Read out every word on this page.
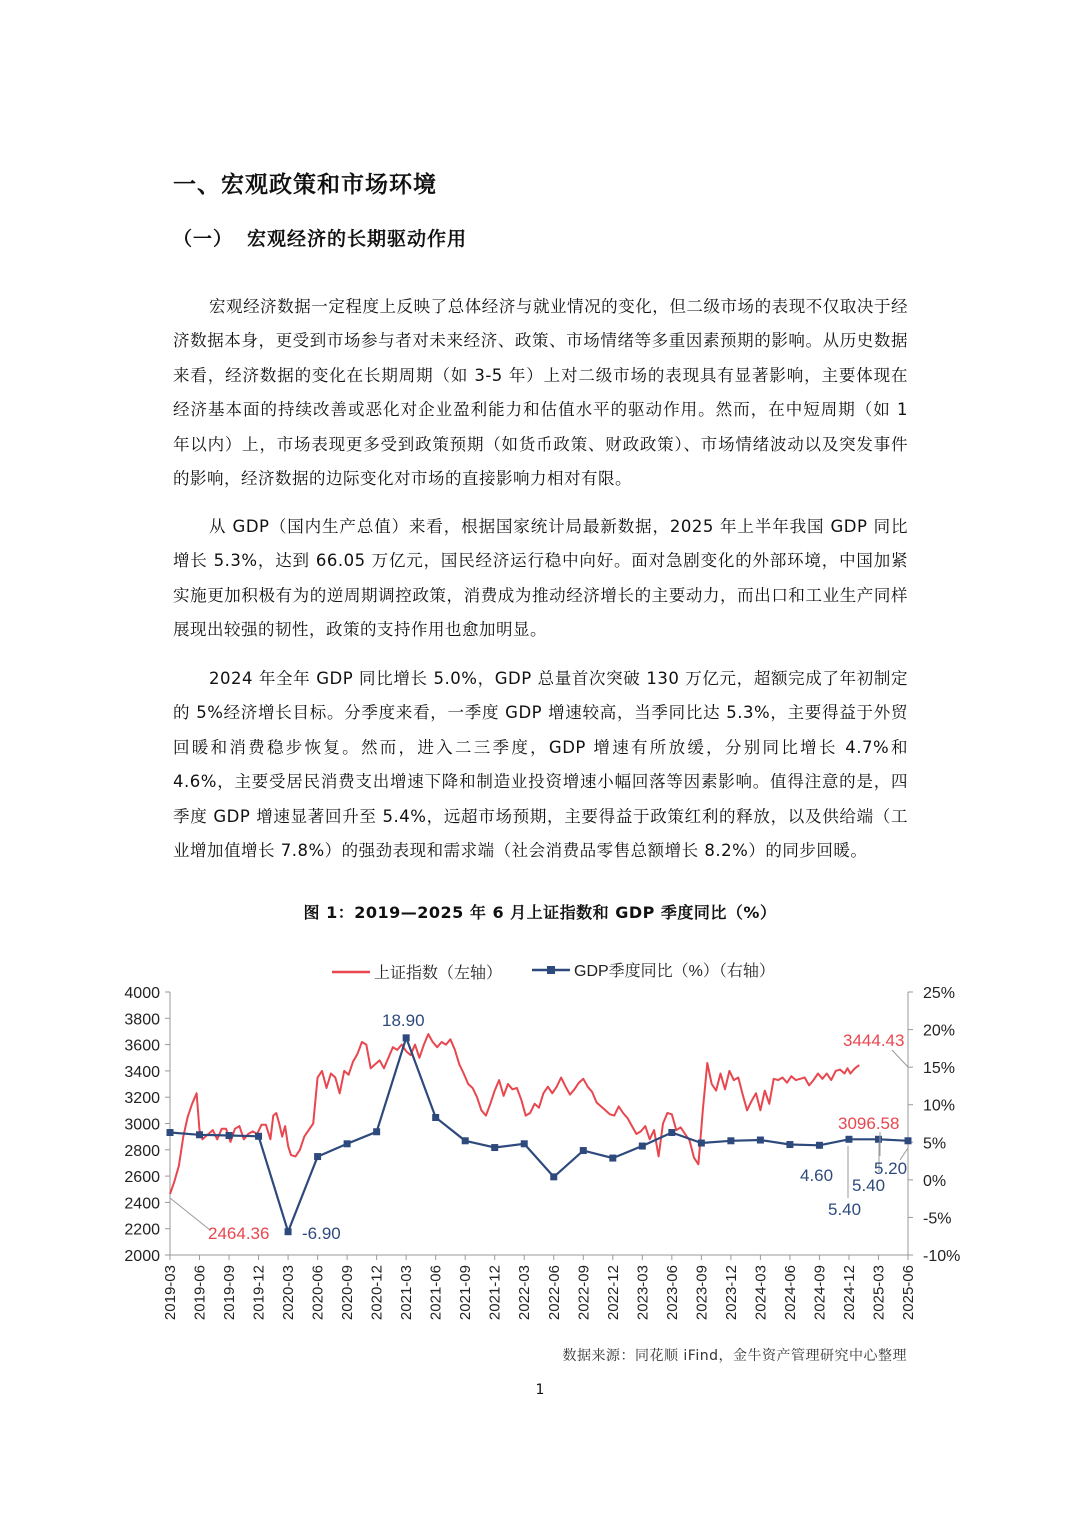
一、宏观政策和市场环境
（一） 宏观经济的长期驱动作用

宏观经济数据一定程度上反映了总体经济与就业情况的变化，但二级市场的表现不仅取决于经济数据本身，更受到市场参与者对未来经济、政策、市场情绪等多重因素预期的影响。从历史数据来看，经济数据的变化在长期周期（如 3-5 年）上对二级市场的表现具有显著影响，主要体现在经济基本面的持续改善或恶化对企业盈利能力和估值水平的驱动作用。然而，在中短周期（如 1 年以内）上，市场表现更多受到政策预期（如货币政策、财政政策）、市场情绪波动以及突发事件的影响，经济数据的边际变化对市场的直接影响力相对有限。

从 GDP（国内生产总值）来看，根据国家统计局最新数据，2025 年上半年我国 GDP 同比增长 5.3%，达到 66.05 万亿元，国民经济运行稳中向好。面对急剧变化的外部环境，中国加紧实施更加积极有为的逆周期调控政策，消费成为推动经济增长的主要动力，而出口和工业生产同样展现出较强的韧性，政策的支持作用也愈加明显。

2024 年全年 GDP 同比增长 5.0%，GDP 总量首次突破 130 万亿元，超额完成了年初制定的 5%经济增长目标。分季度来看，一季度 GDP 增速较高，当季同比达 5.3%，主要得益于外贸回暖和消费稳步恢复。然而，进入二三季度，GDP 增速有所放缓，分别同比增长 4.7%和 4.6%，主要受居民消费支出增速下降和制造业投资增速小幅回落等因素影响。值得注意的是，四季度 GDP 增速显著回升至 5.4%，远超市场预期，主要得益于政策红利的释放，以及供给端（工业增加值增长 7.8%）的强劲表现和需求端（社会消费品零售总额增长 8.2%）的同步回暖。

图 1：2019—2025 年 6 月上证指数和 GDP 季度同比（%）
上证指数（左轴）	GDP季度同比（%）（右轴）
2000
2200
2400
2600
2800
3000
3200
3400
3600
3800
4000
-10%
-5%
0%
5%
10%
15%
20%
25%
2019-03 2019-06 2019-09 2019-12 2020-03 2020-06 2020-09 2020-12 2021-03 2021-06 2021-09 2021-12 2022-03 2022-06 2022-09 2022-12 2023-03 2023-06 2023-09 2023-12 2024-03 2024-06 2024-09 2024-12 2025-03 2025-06
2464.36
3444.43
3096.58
18.90
-6.90
4.60
5.40
5.40
5.20
数据来源：同花顺 iFind，金牛资产管理研究中心整理
1
